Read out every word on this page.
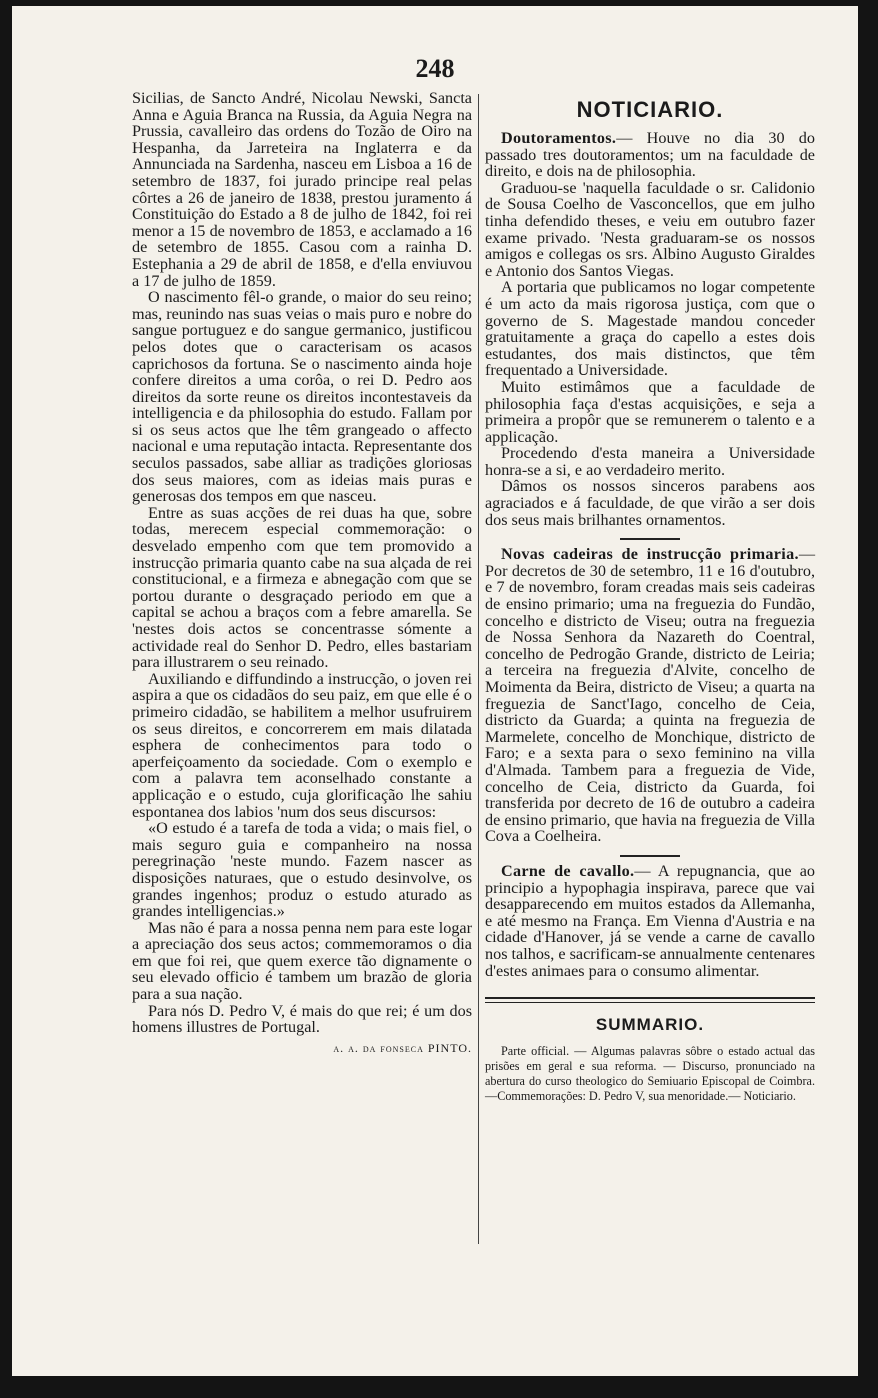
248

Sicilias, de Sancto André, Nicolau Newski, Sancta Anna e Aguia Branca na Russia, da Aguia Negra na Prussia, cavalleiro das ordens do Tozão de Oiro na Hespanha, da Jarreteira na Inglaterra e da Annunciada na Sardenha, nasceu em Lisboa a 16 de setembro de 1837, foi jurado principe real pelas côrtes a 26 de janeiro de 1838, prestou juramento á Constituição do Estado a 8 de julho de 1842, foi rei menor a 15 de novembro de 1853, e acclamado a 16 de setembro de 1855. Casou com a rainha D. Estephania a 29 de abril de 1858, e d'ella enviuvou a 17 de julho de 1859.

O nascimento fêl-o grande, o maior do seu reino; mas, reunindo nas suas veias o mais puro e nobre do sangue portuguez e do sangue germanico, justificou pelos dotes que o caracterisam os acasos caprichosos da fortuna. Se o nascimento ainda hoje confere direitos a uma corôa, o rei D. Pedro aos direitos da sorte reune os direitos incontestaveis da intelligencia e da philosophia do estudo. Fallam por si os seus actos que lhe têm grangeado o affecto nacional e uma reputação intacta. Representante dos seculos passados, sabe alliar as tradições gloriosas dos seus maiores, com as ideias mais puras e generosas dos tempos em que nasceu.

Entre as suas acções de rei duas ha que, sobre todas, merecem especial commemoração: o desvelado empenho com que tem promovido a instrucção primaria quanto cabe na sua alçada de rei constitucional, e a firmeza e abnegação com que se portou durante o desgraçado periodo em que a capital se achou a braços com a febre amarella. Se 'nestes dois actos se concentrasse sómente a actividade real do Senhor D. Pedro, elles bastariam para illustrarem o seu reinado.

Auxiliando e diffundindo a instrucção, o joven rei aspira a que os cidadãos do seu paiz, em que elle é o primeiro cidadão, se habilitem a melhor usufruirem os seus direitos, e concorrerem em mais dilatada esphera de conhecimentos para todo o aperfeiçoamento da sociedade. Com o exemplo e com a palavra tem aconselhado constante a applicação e o estudo, cuja glorificação lhe sahiu espontanea dos labios 'num dos seus discursos:

«O estudo é a tarefa de toda a vida; o mais fiel, o mais seguro guia e companheiro na nossa peregrinação 'neste mundo. Fazem nascer as disposições naturaes, que o estudo desinvolve, os grandes ingenhos; produz o estudo aturado as grandes intelligencias.»

Mas não é para a nossa penna nem para este logar a apreciação dos seus actos; commemoramos o dia em que foi rei, que quem exerce tão dignamente o seu elevado officio é tambem um brazão de gloria para a sua nação.

Para nós D. Pedro V, é mais do que rei; é um dos homens illustres de Portugal.

a. a. da fonseca PINTO.
NOTICIARIO.

Doutoramentos.— Houve no dia 30 do passado tres doutoramentos; um na faculdade de direito, e dois na de philosophia.

Graduou-se 'naquella faculdade o sr. Calidonio de Sousa Coelho de Vasconcellos, que em julho tinha defendido theses, e veiu em outubro fazer exame privado. 'Nesta graduaram-se os nossos amigos e collegas os srs. Albino Augusto Giraldes e Antonio dos Santos Viegas.

A portaria que publicamos no logar competente é um acto da mais rigorosa justiça, com que o governo de S. Magestade mandou conceder gratuitamente a graça do capello a estes dois estudantes, dos mais distinctos, que têm frequentado a Universidade.

Muito estimâmos que a faculdade de philosophia faça d'estas acquisições, e seja a primeira a propôr que se remunerem o talento e a applicação.

Procedendo d'esta maneira a Universidade honra-se a si, e ao verdadeiro merito.

Dâmos os nossos sinceros parabens aos agraciados e á faculdade, de que virão a ser dois dos seus mais brilhantes ornamentos.

Novas cadeiras de instrucção primaria.— Por decretos de 30 de setembro, 11 e 16 d'outubro, e 7 de novembro, foram creadas mais seis cadeiras de ensino primario; uma na freguezia do Fundão, concelho e districto de Viseu; outra na freguezia de Nossa Senhora da Nazareth do Coentral, concelho de Pedrogão Grande, districto de Leiria; a terceira na freguezia d'Alvite, concelho de Moimenta da Beira, districto de Viseu; a quarta na freguezia de Sanct'Iago, concelho de Ceia, districto da Guarda; a quinta na freguezia de Marmelete, concelho de Monchique, districto de Faro; e a sexta para o sexo feminino na villa d'Almada. Tambem para a freguezia de Vide, concelho de Ceia, districto da Guarda, foi transferida por decreto de 16 de outubro a cadeira de ensino primario, que havia na freguezia de Villa Cova a Coelheira.

Carne de cavallo.— A repugnancia, que ao principio a hypophagia inspirava, parece que vai desapparecendo em muitos estados da Allemanha, e até mesmo na França. Em Vienna d'Austria e na cidade d'Hanover, já se vende a carne de cavallo nos talhos, e sacrificam-se annualmente centenares d'estes animaes para o consumo alimentar.

SUMMARIO.
Parte official. — Algumas palavras sôbre o estado actual das prisões em geral e sua reforma. — Discurso, pronunciado na abertura do curso theologico do Semiuario Episcopal de Coimbra.—Commemorações: D. Pedro V, sua menoridade.— Noticiario.
